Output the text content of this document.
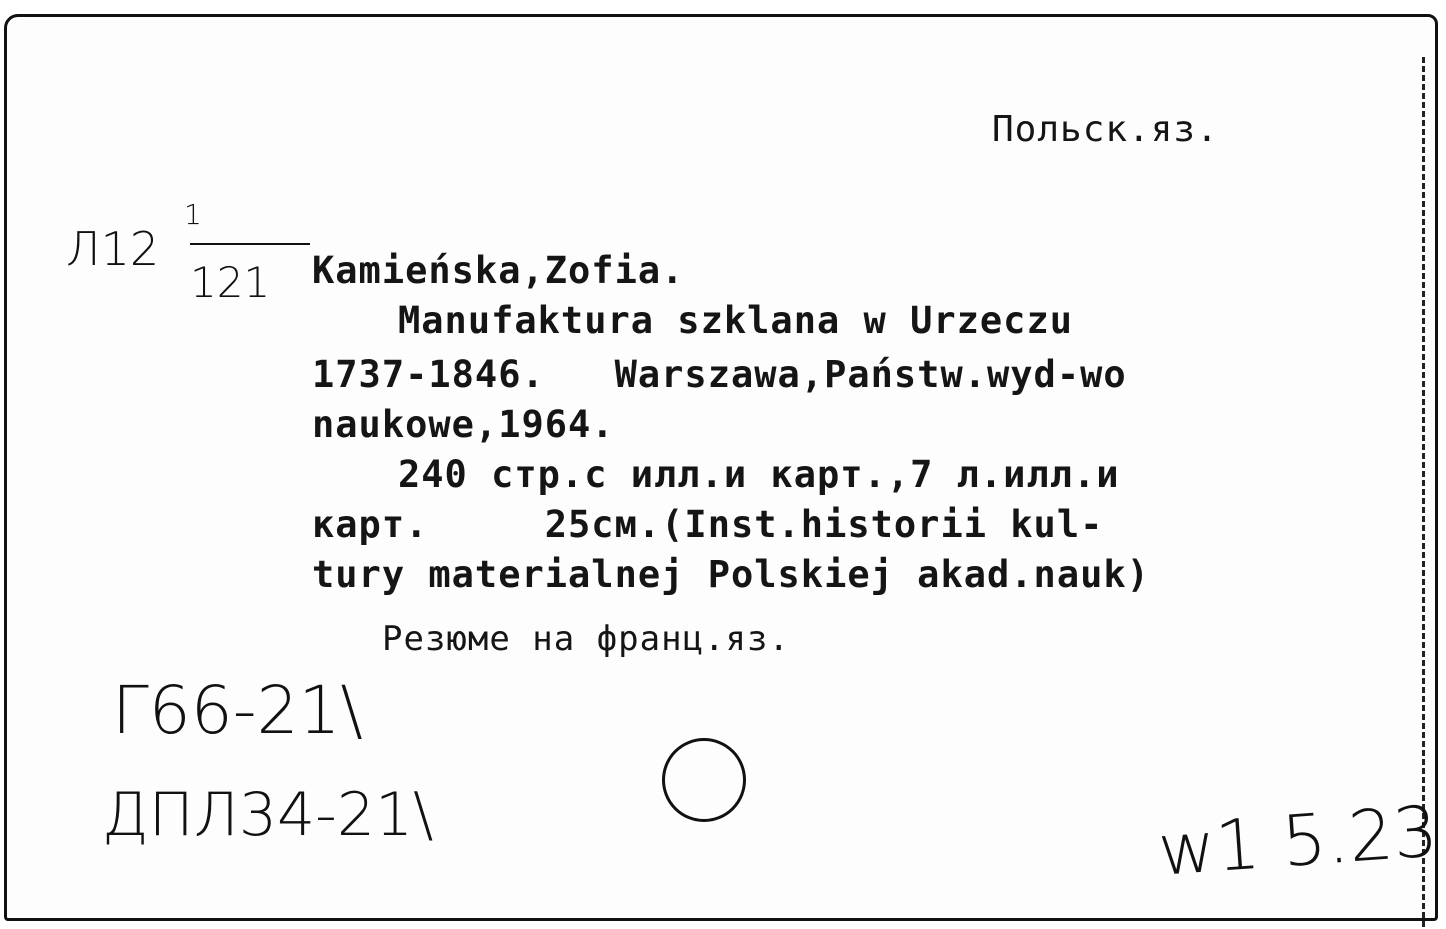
Польск.яз.
Л12
1
121 Kamieńska,Zofia.
Manufaktura szklana w Urzeczu
1737-1846.   Warszawa,Państw.wyd-wo
naukowe,1964.
240 стр.с илл.и карт.,7 л.илл.и
карт.     25см.(Inst.historii kul-
tury materialnej Polskiej akad.nauk)
Резюме на франц.яз.
Г66-21\
ДПЛ34-21\	w1 5.23
